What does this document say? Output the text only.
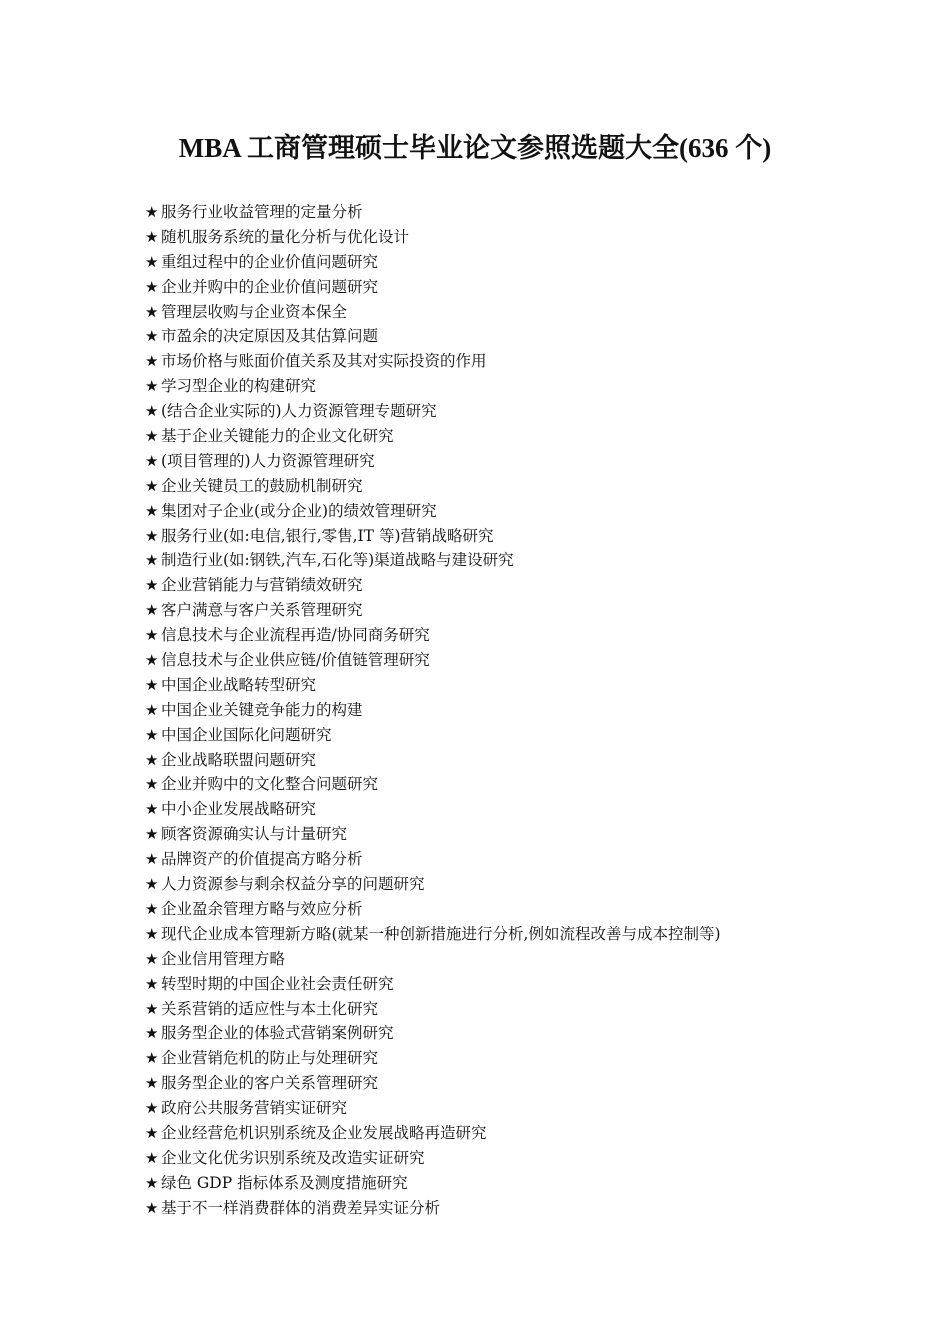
MBA 工商管理硕士毕业论文参照选题大全(636 个)
★ 服务行业收益管理的定量分析
★ 随机服务系统的量化分析与优化设计
★ 重组过程中的企业价值问题研究
★ 企业并购中的企业价值问题研究
★ 管理层收购与企业资本保全
★ 市盈余的决定原因及其估算问题
★ 市场价格与账面价值关系及其对实际投资的作用
★ 学习型企业的构建研究
★ (结合企业实际的)人力资源管理专题研究
★ 基于企业关键能力的企业文化研究
★ (项目管理的)人力资源管理研究
★ 企业关键员工的鼓励机制研究
★ 集团对子企业(或分企业)的绩效管理研究
★ 服务行业(如:电信,银行,零售,IT 等)营销战略研究
★ 制造行业(如:钢铁,汽车,石化等)渠道战略与建设研究
★ 企业营销能力与营销绩效研究
★ 客户满意与客户关系管理研究
★ 信息技术与企业流程再造/协同商务研究
★ 信息技术与企业供应链/价值链管理研究
★ 中国企业战略转型研究
★ 中国企业关键竞争能力的构建
★ 中国企业国际化问题研究
★ 企业战略联盟问题研究
★ 企业并购中的文化整合问题研究
★ 中小企业发展战略研究
★ 顾客资源确实认与计量研究
★ 品牌资产的价值提高方略分析
★ 人力资源参与剩余权益分享的问题研究
★ 企业盈余管理方略与效应分析
★ 现代企业成本管理新方略(就某一种创新措施进行分析,例如流程改善与成本控制等)
★ 企业信用管理方略
★ 转型时期的中国企业社会责任研究
★ 关系营销的适应性与本土化研究
★ 服务型企业的体验式营销案例研究
★ 企业营销危机的防止与处理研究
★ 服务型企业的客户关系管理研究
★ 政府公共服务营销实证研究
★ 企业经营危机识别系统及企业发展战略再造研究
★ 企业文化优劣识别系统及改造实证研究
★ 绿色 GDP 指标体系及测度措施研究
★ 基于不一样消费群体的消费差异实证分析
